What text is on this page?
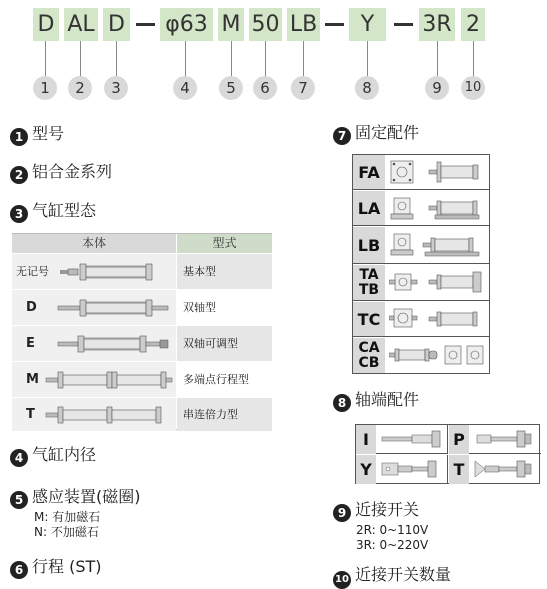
D AL D φ63 M 50 LB	Y	3R 2
1	2	3	4	5	6	7	8	9	10
1 型号
2 铝合金系列
3 气缸型态
本体	型式
无记号	基本型
D	双轴型
E	双轴可调型
M	多端点行程型
T	串连倍力型
4 气缸内径
5 感应装置(磁圈)
M: 有加磁石
N: 不加磁石
6 行程 (ST)
7 固定配件
FA
LA
LB
TA
TB
TC
CA
CB
8 轴端配件
I	P
Y	T
9 近接开关
2R: 0~110V
3R: 0~220V
10 近接开关数量
